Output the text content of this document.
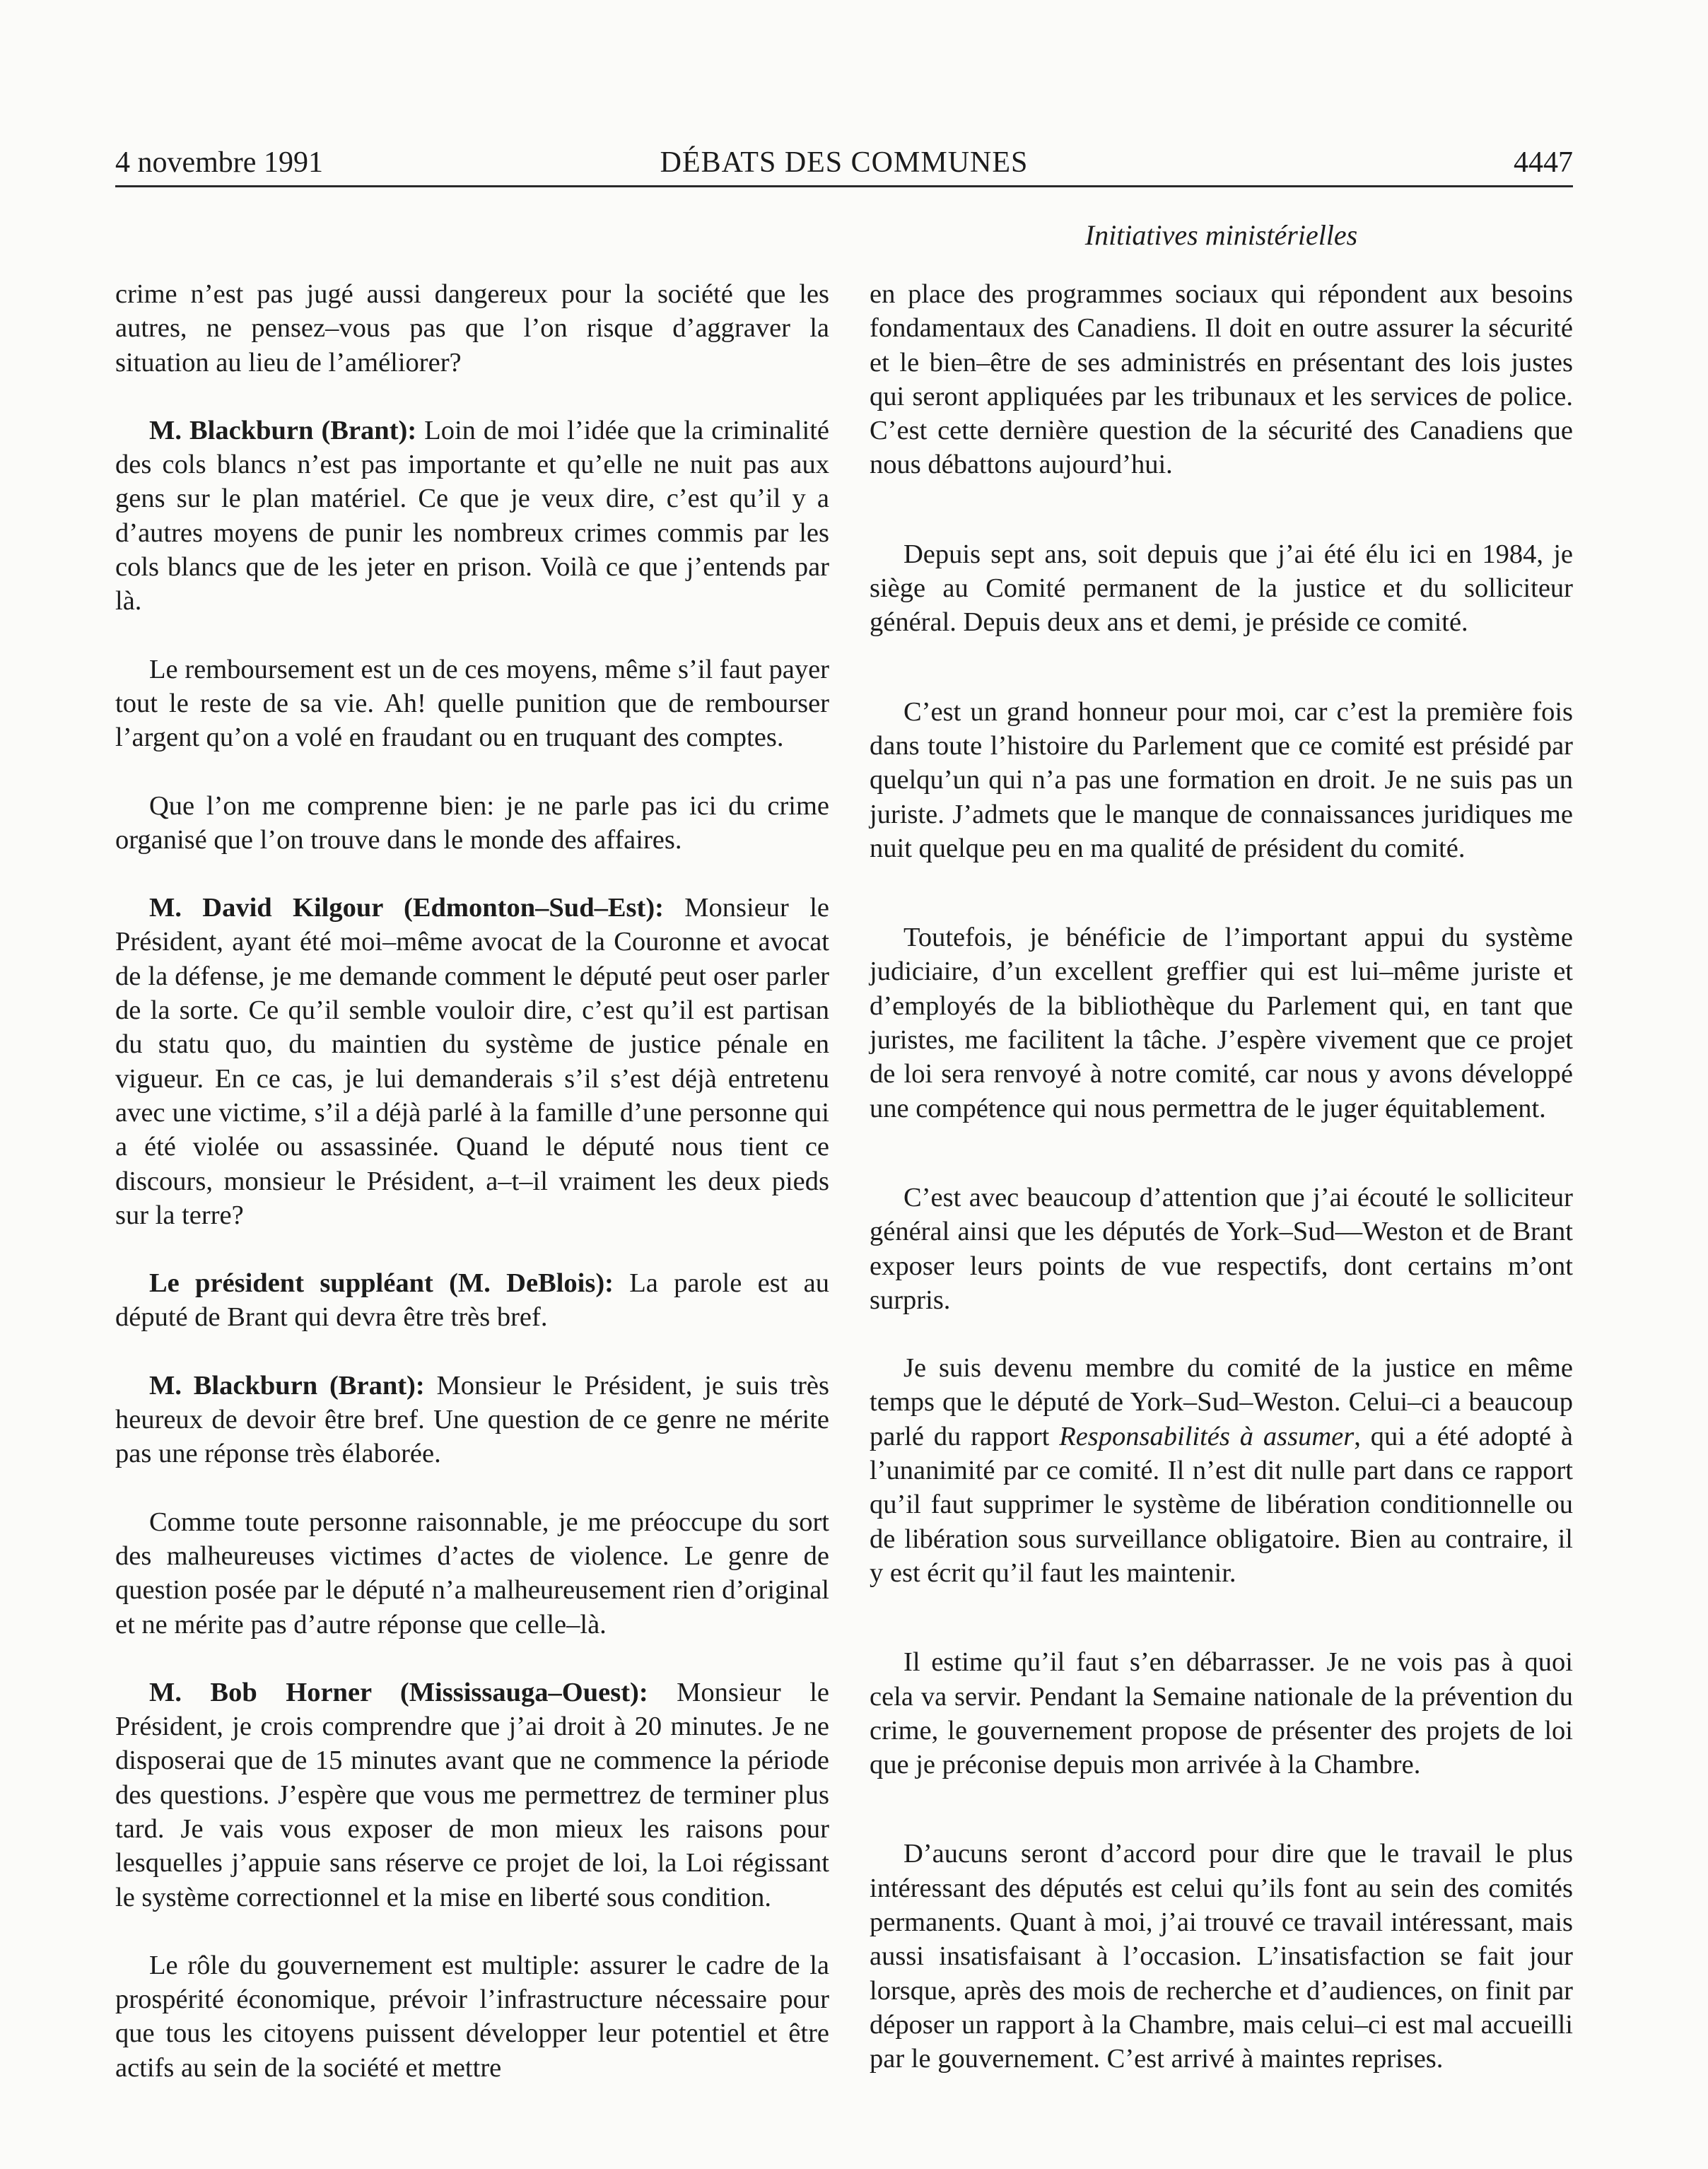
4 novembre 1991	DÉBATS DES COMMUNES	4447
Initiatives ministérielles

crime n’est pas jugé aussi dangereux pour la société que les autres, ne pensez–vous pas que l’on risque d’aggraver la situation au lieu de l’améliorer?

M. Blackburn (Brant): Loin de moi l’idée que la criminalité des cols blancs n’est pas importante et qu’elle ne nuit pas aux gens sur le plan matériel. Ce que je veux dire, c’est qu’il y a d’autres moyens de punir les nombreux crimes commis par les cols blancs que de les jeter en prison. Voilà ce que j’entends par là.

Le remboursement est un de ces moyens, même s’il faut payer tout le reste de sa vie. Ah! quelle punition que de rembourser l’argent qu’on a volé en fraudant ou en truquant des comptes.

Que l’on me comprenne bien: je ne parle pas ici du crime organisé que l’on trouve dans le monde des affaires.

M. David Kilgour (Edmonton–Sud–Est): Monsieur le Président, ayant été moi–même avocat de la Couronne et avocat de la défense, je me demande comment le député peut oser parler de la sorte. Ce qu’il semble vouloir dire, c’est qu’il est partisan du statu quo, du maintien du système de justice pénale en vigueur. En ce cas, je lui demanderais s’il s’est déjà entretenu avec une victime, s’il a déjà parlé à la famille d’une personne qui a été violée ou assassinée. Quand le député nous tient ce discours, monsieur le Président, a–t–il vraiment les deux pieds sur la terre?

Le président suppléant (M. DeBlois): La parole est au député de Brant qui devra être très bref.

M. Blackburn (Brant): Monsieur le Président, je suis très heureux de devoir être bref. Une question de ce genre ne mérite pas une réponse très élaborée.

Comme toute personne raisonnable, je me préoccupe du sort des malheureuses victimes d’actes de violence. Le genre de question posée par le député n’a malheureusement rien d’original et ne mérite pas d’autre réponse que celle–là.

M. Bob Horner (Mississauga–Ouest): Monsieur le Président, je crois comprendre que j’ai droit à 20 minutes. Je ne disposerai que de 15 minutes avant que ne commence la période des questions. J’espère que vous me permettrez de terminer plus tard. Je vais vous exposer de mon mieux les raisons pour lesquelles j’appuie sans réserve ce projet de loi, la Loi régissant le système correctionnel et la mise en liberté sous condition.

Le rôle du gouvernement est multiple: assurer le cadre de la prospérité économique, prévoir l’infrastructure nécessaire pour que tous les citoyens puissent développer leur potentiel et être actifs au sein de la société et mettre

en place des programmes sociaux qui répondent aux besoins fondamentaux des Canadiens. Il doit en outre assurer la sécurité et le bien–être de ses administrés en présentant des lois justes qui seront appliquées par les tribunaux et les services de police. C’est cette dernière question de la sécurité des Canadiens que nous débattons aujourd’hui.

Depuis sept ans, soit depuis que j’ai été élu ici en 1984, je siège au Comité permanent de la justice et du solliciteur général. Depuis deux ans et demi, je préside ce comité.

C’est un grand honneur pour moi, car c’est la première fois dans toute l’histoire du Parlement que ce comité est présidé par quelqu’un qui n’a pas une formation en droit. Je ne suis pas un juriste. J’admets que le manque de connaissances juridiques me nuit quelque peu en ma qualité de président du comité.

Toutefois, je bénéficie de l’important appui du système judiciaire, d’un excellent greffier qui est lui–même juriste et d’employés de la bibliothèque du Parlement qui, en tant que juristes, me facilitent la tâche. J’espère vivement que ce projet de loi sera renvoyé à notre comité, car nous y avons développé une compétence qui nous permettra de le juger équitablement.

C’est avec beaucoup d’attention que j’ai écouté le solliciteur général ainsi que les députés de York–Sud—Weston et de Brant exposer leurs points de vue respectifs, dont certains m’ont surpris.

Je suis devenu membre du comité de la justice en même temps que le député de York–Sud–Weston. Celui–ci a beaucoup parlé du rapport Responsabilités à assumer, qui a été adopté à l’unanimité par ce comité. Il n’est dit nulle part dans ce rapport qu’il faut supprimer le système de libération conditionnelle ou de libération sous surveillance obligatoire. Bien au contraire, il y est écrit qu’il faut les maintenir.

Il estime qu’il faut s’en débarrasser. Je ne vois pas à quoi cela va servir. Pendant la Semaine nationale de la prévention du crime, le gouvernement propose de présenter des projets de loi que je préconise depuis mon arrivée à la Chambre.

D’aucuns seront d’accord pour dire que le travail le plus intéressant des députés est celui qu’ils font au sein des comités permanents. Quant à moi, j’ai trouvé ce travail intéressant, mais aussi insatisfaisant à l’occasion. L’insatisfaction se fait jour lorsque, après des mois de recherche et d’audiences, on finit par déposer un rapport à la Chambre, mais celui–ci est mal accueilli par le gouvernement. C’est arrivé à maintes reprises.
